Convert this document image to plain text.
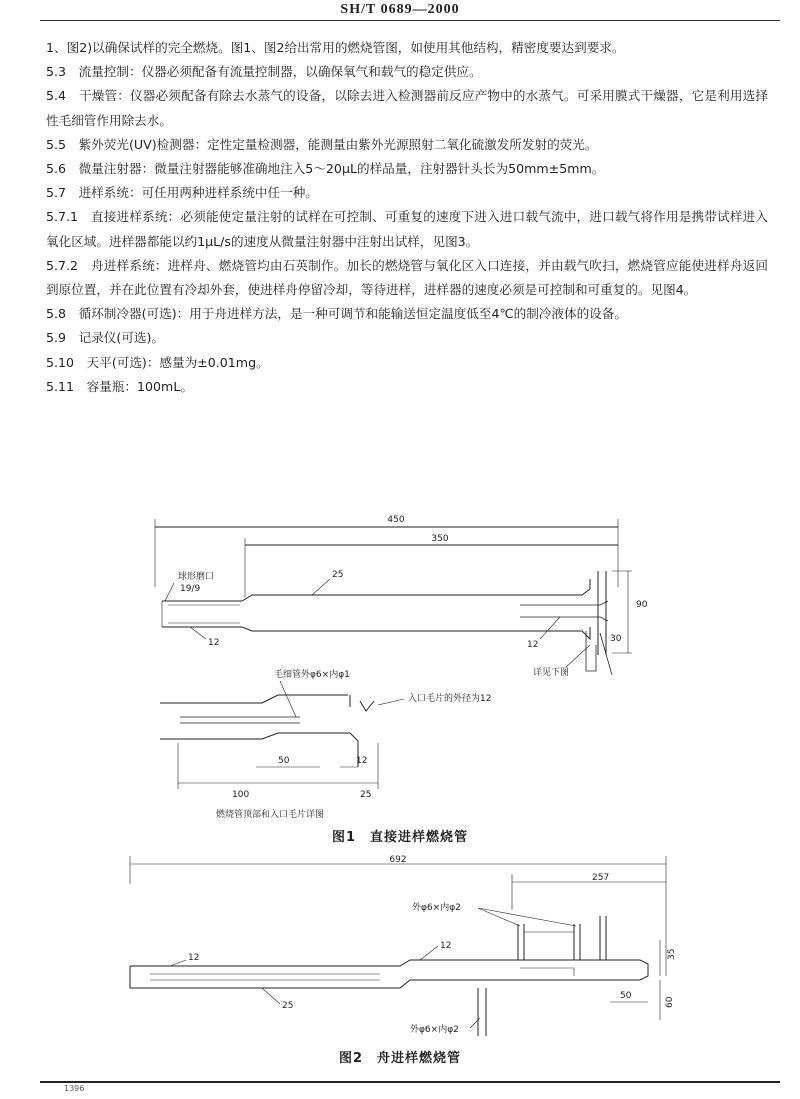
SH/T 0689—2000

1、图2)以确保试样的完全燃烧。图1、图2给出常用的燃烧管图，如使用其他结构，精密度要达到要求。

5.3　流量控制：仪器必须配备有流量控制器，以确保氧气和载气的稳定供应。

5.4　干燥管：仪器必须配备有除去水蒸气的设备，以除去进入检测器前反应产物中的水蒸气。可采用膜式干燥器，它是利用选择性毛细管作用除去水。

5.5　紫外荧光(UV)检测器：定性定量检测器，能测量由紫外光源照射二氧化硫激发所发射的荧光。

5.6　微量注射器：微量注射器能够准确地注入5～20μL的样品量，注射器针头长为50mm±5mm。

5.7　进样系统：可任用两种进样系统中任一种。

5.7.1　直接进样系统：必须能使定量注射的试样在可控制、可重复的速度下进入进口载气流中，进口载气将作用是携带试样进入氧化区域。进样器都能以约1μL/s的速度从微量注射器中注射出试样，见图3。

5.7.2　舟进样系统：进样舟、燃烧管均由石英制作。加长的燃烧管与氧化区入口连接，并由载气吹扫，燃烧管应能使进样舟返回到原位置，并在此位置有冷却外套，使进样舟停留冷却，等待进样，进样器的速度必须是可控制和可重复的。见图4。

5.8　循环制冷器(可选)：用于舟进样方法，是一种可调节和能输送恒定温度低至4℃的制冷液体的设备。

5.9　记录仪(可选)。

5.10　天平(可选)：感量为±0.01mg。

5.11　容量瓶：100mL。

450
350
90
30
球形磨口
19/9
25
12	12
详见下图
毛细管外φ6×内φ1
入口毛片的外径为12
100	25
50	12
燃烧管顶部和入口毛片详图
图1　直接进样燃烧管
692
257
外φ6×内φ2
12
12
25
外φ6×内φ2
35
50
60
图2　舟进样燃烧管
1396
